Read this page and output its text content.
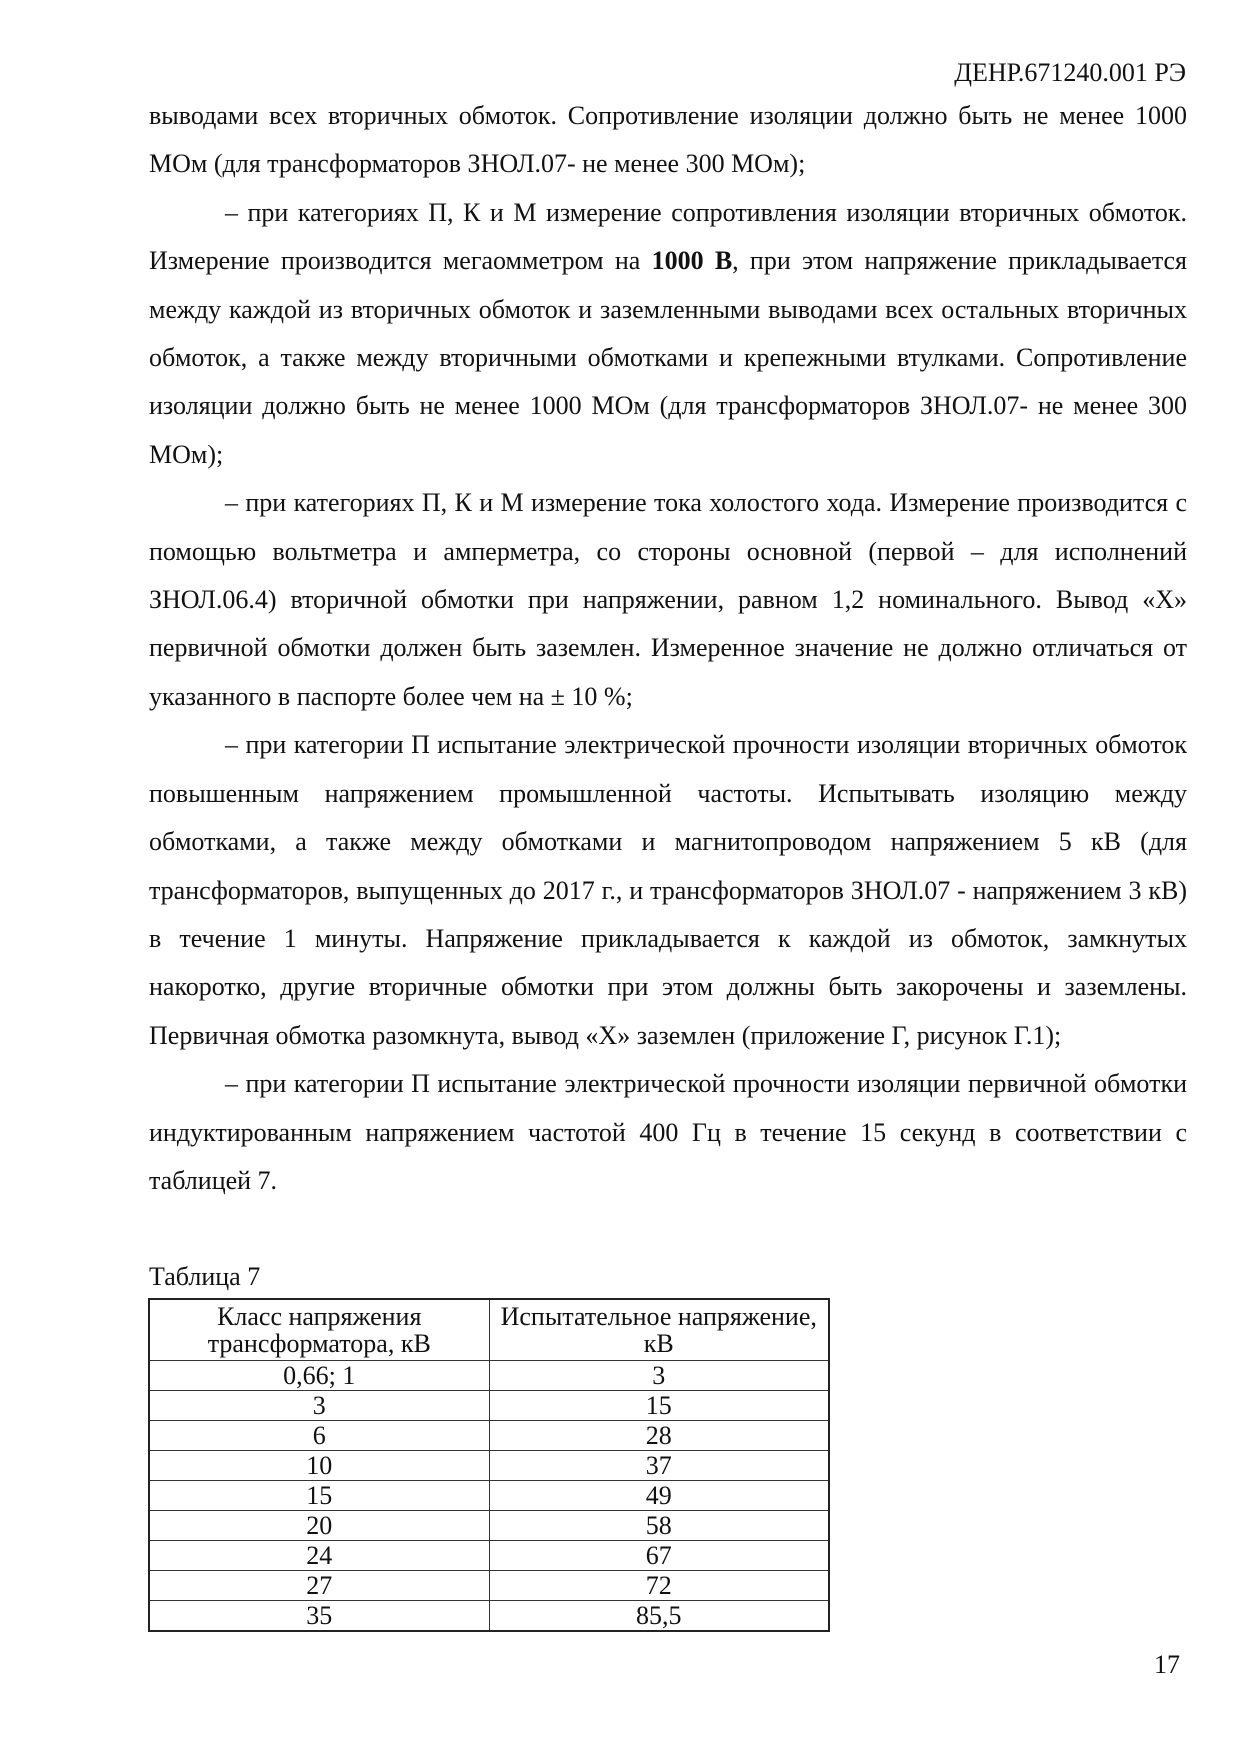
ДЕНР.671240.001 РЭ

выводами всех вторичных обмоток. Сопротивление изоляции должно быть не менее 1000 МОм (для трансформаторов ЗНОЛ.07- не менее 300 МОм);

– при категориях П, К и М измерение сопротивления изоляции вторичных обмоток. Измерение производится мегаомметром на 1000 В, при этом напряжение прикладывается между каждой из вторичных обмоток и заземленными выводами всех остальных вторичных обмоток, а также между вторичными обмотками и крепежными втулками. Сопротивление изоляции должно быть не менее 1000 МОм (для трансформаторов ЗНОЛ.07- не менее 300 МОм);

– при категориях П, К и М измерение тока холостого хода. Измерение производится с помощью вольтметра и амперметра, со стороны основной (первой – для исполнений ЗНОЛ.06.4) вторичной обмотки при напряжении, равном 1,2 номинального. Вывод «Х» первичной обмотки должен быть заземлен. Измеренное значение не должно отличаться от указанного в паспорте более чем на ± 10 %;

– при категории П испытание электрической прочности изоляции вторичных обмоток повышенным напряжением промышленной частоты. Испытывать изоляцию между обмотками, а также между обмотками и магнитопроводом напряжением 5 кВ (для трансформаторов, выпущенных до 2017 г., и трансформаторов ЗНОЛ.07 - напряжением 3 кВ) в течение 1 минуты. Напряжение прикладывается к каждой из обмоток, замкнутых накоротко, другие вторичные обмотки при этом должны быть закорочены и заземлены. Первичная обмотка разомкнута, вывод «Х» заземлен (приложение Г, рисунок Г.1);

– при категории П испытание электрической прочности изоляции первичной обмотки индуктированным напряжением частотой 400 Гц в течение 15 секунд в соответствии с таблицей 7.

Таблица 7
Класс напряжения трансформатора, кВ	Испытательное напряжение, кВ
0,66; 1	3
3	15
6	28
10	37
15	49
20	58
24	67
27	72
35	85,5
17
